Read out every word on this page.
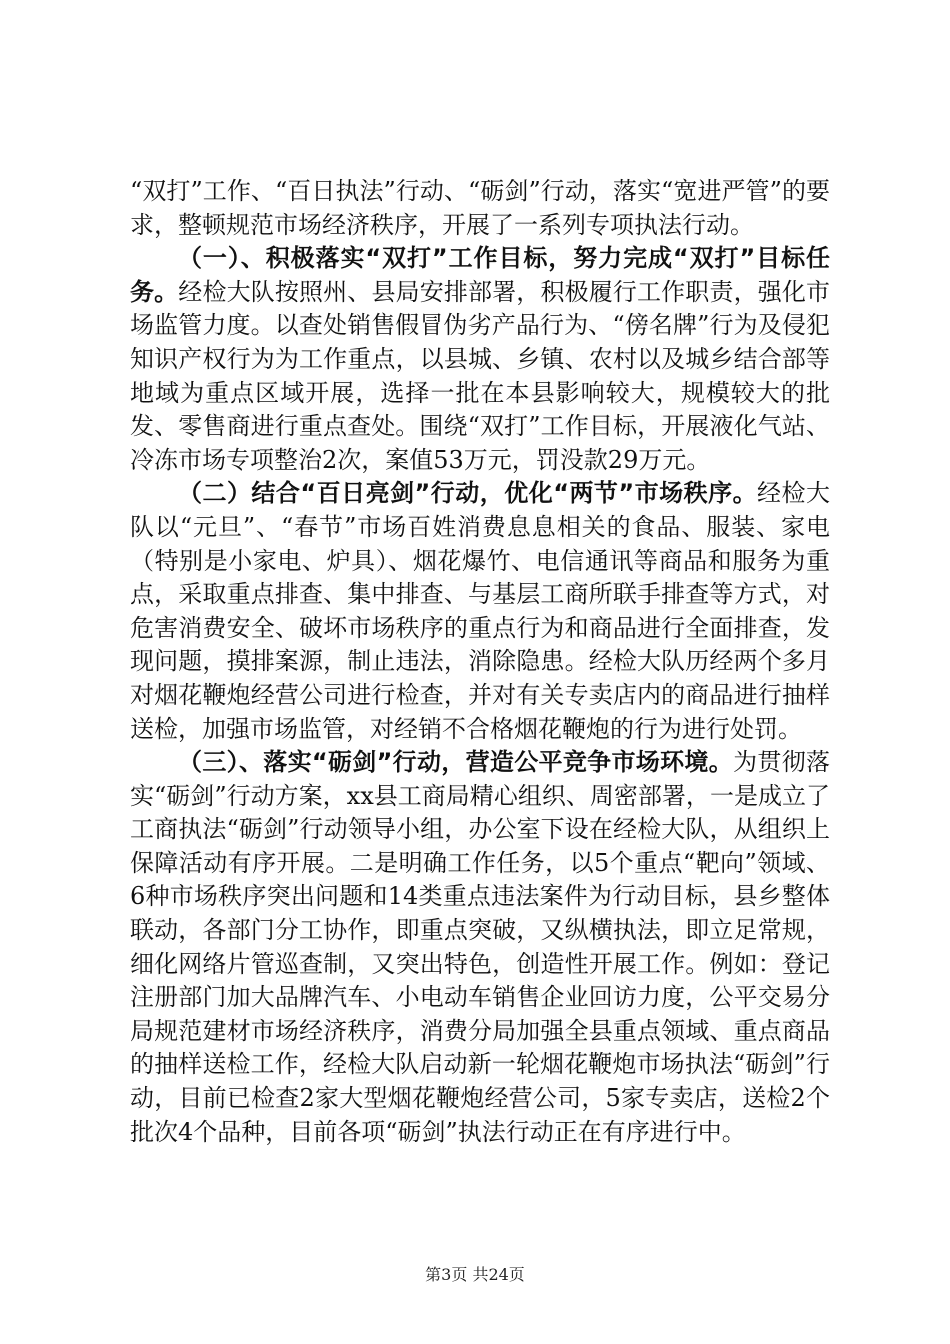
“双打”工作、“百日执法”行动、“砺剑”行动，落实“宽进严管”的要求，整顿规范市场经济秩序，开展了一系列专项执法行动。

（一）、积极落实“双打”工作目标，努力完成“双打”目标任务。经检大队按照州、县局安排部署，积极履行工作职责，强化市场监管力度。以查处销售假冒伪劣产品行为、“傍名牌”行为及侵犯知识产权行为为工作重点，以县城、乡镇、农村以及城乡结合部等地域为重点区域开展，选择一批在本县影响较大，规模较大的批发、零售商进行重点查处。围绕“双打”工作目标，开展液化气站、冷冻市场专项整治2次，案值53万元，罚没款29万元。

（二）结合“百日亮剑”行动，优化“两节”市场秩序。经检大队以“元旦”、“春节”市场百姓消费息息相关的食品、服装、家电（特别是小家电、炉具）、烟花爆竹、电信通讯等商品和服务为重点，采取重点排查、集中排查、与基层工商所联手排查等方式，对危害消费安全、破坏市场秩序的重点行为和商品进行全面排查，发现问题，摸排案源，制止违法，消除隐患。经检大队历经两个多月对烟花鞭炮经营公司进行检查，并对有关专卖店内的商品进行抽样送检，加强市场监管，对经销不合格烟花鞭炮的行为进行处罚。

（三）、落实“砺剑”行动，营造公平竞争市场环境。为贯彻落实“砺剑”行动方案，xx县工商局精心组织、周密部署，一是成立了工商执法“砺剑”行动领导小组，办公室下设在经检大队，从组织上保障活动有序开展。二是明确工作任务，以5个重点“靶向”领域、6种市场秩序突出问题和14类重点违法案件为行动目标，县乡整体联动，各部门分工协作，即重点突破，又纵横执法，即立足常规，细化网络片管巡查制，又突出特色，创造性开展工作。例如：登记注册部门加大品牌汽车、小电动车销售企业回访力度，公平交易分局规范建材市场经济秩序，消费分局加强全县重点领域、重点商品的抽样送检工作，经检大队启动新一轮烟花鞭炮市场执法“砺剑”行动，目前已检查2家大型烟花鞭炮经营公司，5家专卖店，送检2个批次4个品种，目前各项“砺剑”执法行动正在有序进行中。

第3页 共24页
